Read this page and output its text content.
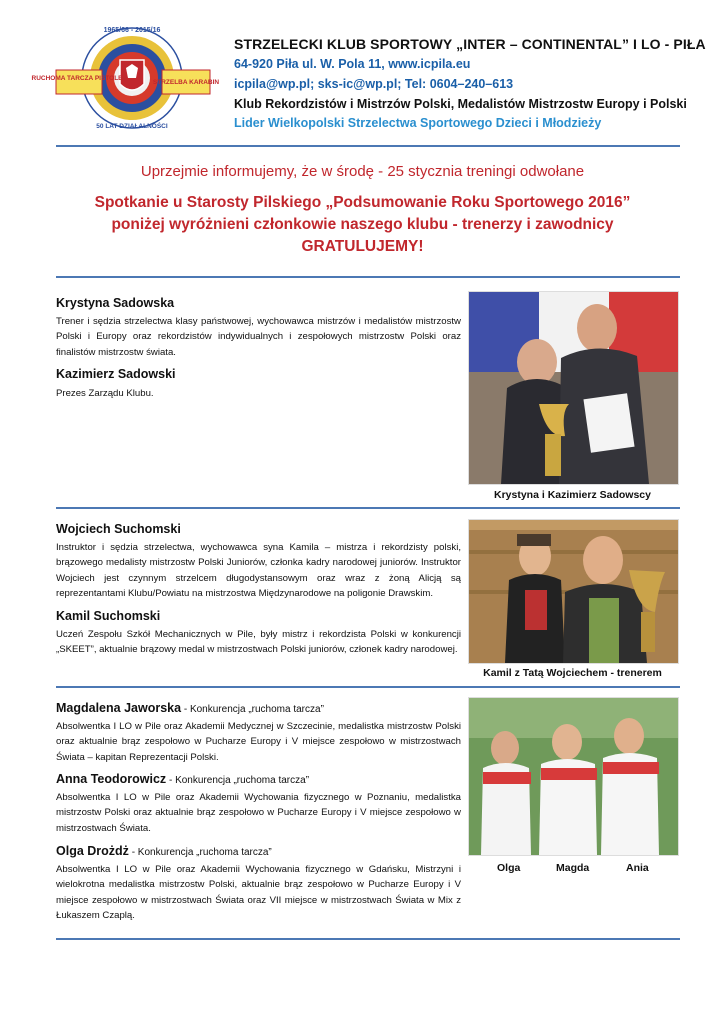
RUCHOMA TARCZA PISTOLET
STRZELBA KARABIN
1965/66 - 2015/16
50 LAT DZIAŁALNOŚCI
STRZELECKI KLUB SPORTOWY „INTER – CONTINENTAL” I LO - PIŁA
64-920 Piła ul. W. Pola 11, www.icpila.eu
icpila@wp.pl; sks-ic@wp.pl; Tel: 0604–240–613
Klub Rekordzistów i Mistrzów Polski, Medalistów Mistrzostw Europy i Polski
Lider Wielkopolski Strzelectwa Sportowego Dzieci i Młodzieży
Uprzejmie informujemy, że w środę - 25 stycznia treningi odwołane
Spotkanie u Starosty Pilskiego „Podsumowanie Roku Sportowego 2016”
poniżej wyróżnieni członkowie naszego klubu - trenerzy i zawodnicy
GRATULUJEMY!
Krystyna Sadowska
Trener i sędzia strzelectwa klasy państwowej, wychowawca mistrzów i medalistów mistrzostw Polski i Europy oraz rekordzistów indywidualnych i zespołowych mistrzostw Polski oraz finalistów mistrzostw świata.
Kazimierz Sadowski
Prezes Zarządu Klubu.
Krystyna i Kazimierz Sadowscy
Wojciech Suchomski
Instruktor i sędzia strzelectwa, wychowawca syna Kamila – mistrza i rekordzisty polski, brązowego medalisty mistrzostw Polski Juniorów, członka kadry narodowej juniorów. Instruktor Wojciech jest czynnym strzelcem długodystansowym oraz wraz z żoną Alicją są reprezentantami Klubu/Powiatu na mistrzostwa Międzynarodowe na poligonie Drawskim.
Kamil Suchomski
Uczeń Zespołu Szkół Mechanicznych w Pile, były mistrz i rekordzista Polski w konkurencji „SKEET”, aktualnie brązowy medal w mistrzostwach Polski juniorów, członek kadry narodowej.
Kamil z Tatą Wojciechem - trenerem
Magdalena Jaworska - Konkurencja „ruchoma tarcza”
Absolwentka I LO w Pile oraz Akademii Medycznej w Szczecinie, medalistka mistrzostw Polski oraz aktualnie brąz zespołowo w Pucharze Europy i V miejsce zespołowo w mistrzostwach Świata – kapitan Reprezentacji Polski.
Anna Teodorowicz - Konkurencja „ruchoma tarcza”
Absolwentka I LO w Pile oraz Akademii Wychowania fizycznego w Poznaniu, medalistka mistrzostw Polski oraz aktualnie brąz zespołowo w Pucharze Europy i V miejsce zespołowo w mistrzostwach Świata.
Olga Drożdż - Konkurencja „ruchoma tarcza”
Absolwentka I LO w Pile oraz Akademii Wychowania fizycznego w Gdańsku, Mistrzyni i wielokrotna medalistka mistrzostw Polski, aktualnie brąz zespołowo w Pucharze Europy i V miejsce zespołowo w mistrzostwach Świata oraz VII miejsce w mistrzostwach Świata w Mix z Łukaszem Czaplą.
Olga	Magda	Ania
